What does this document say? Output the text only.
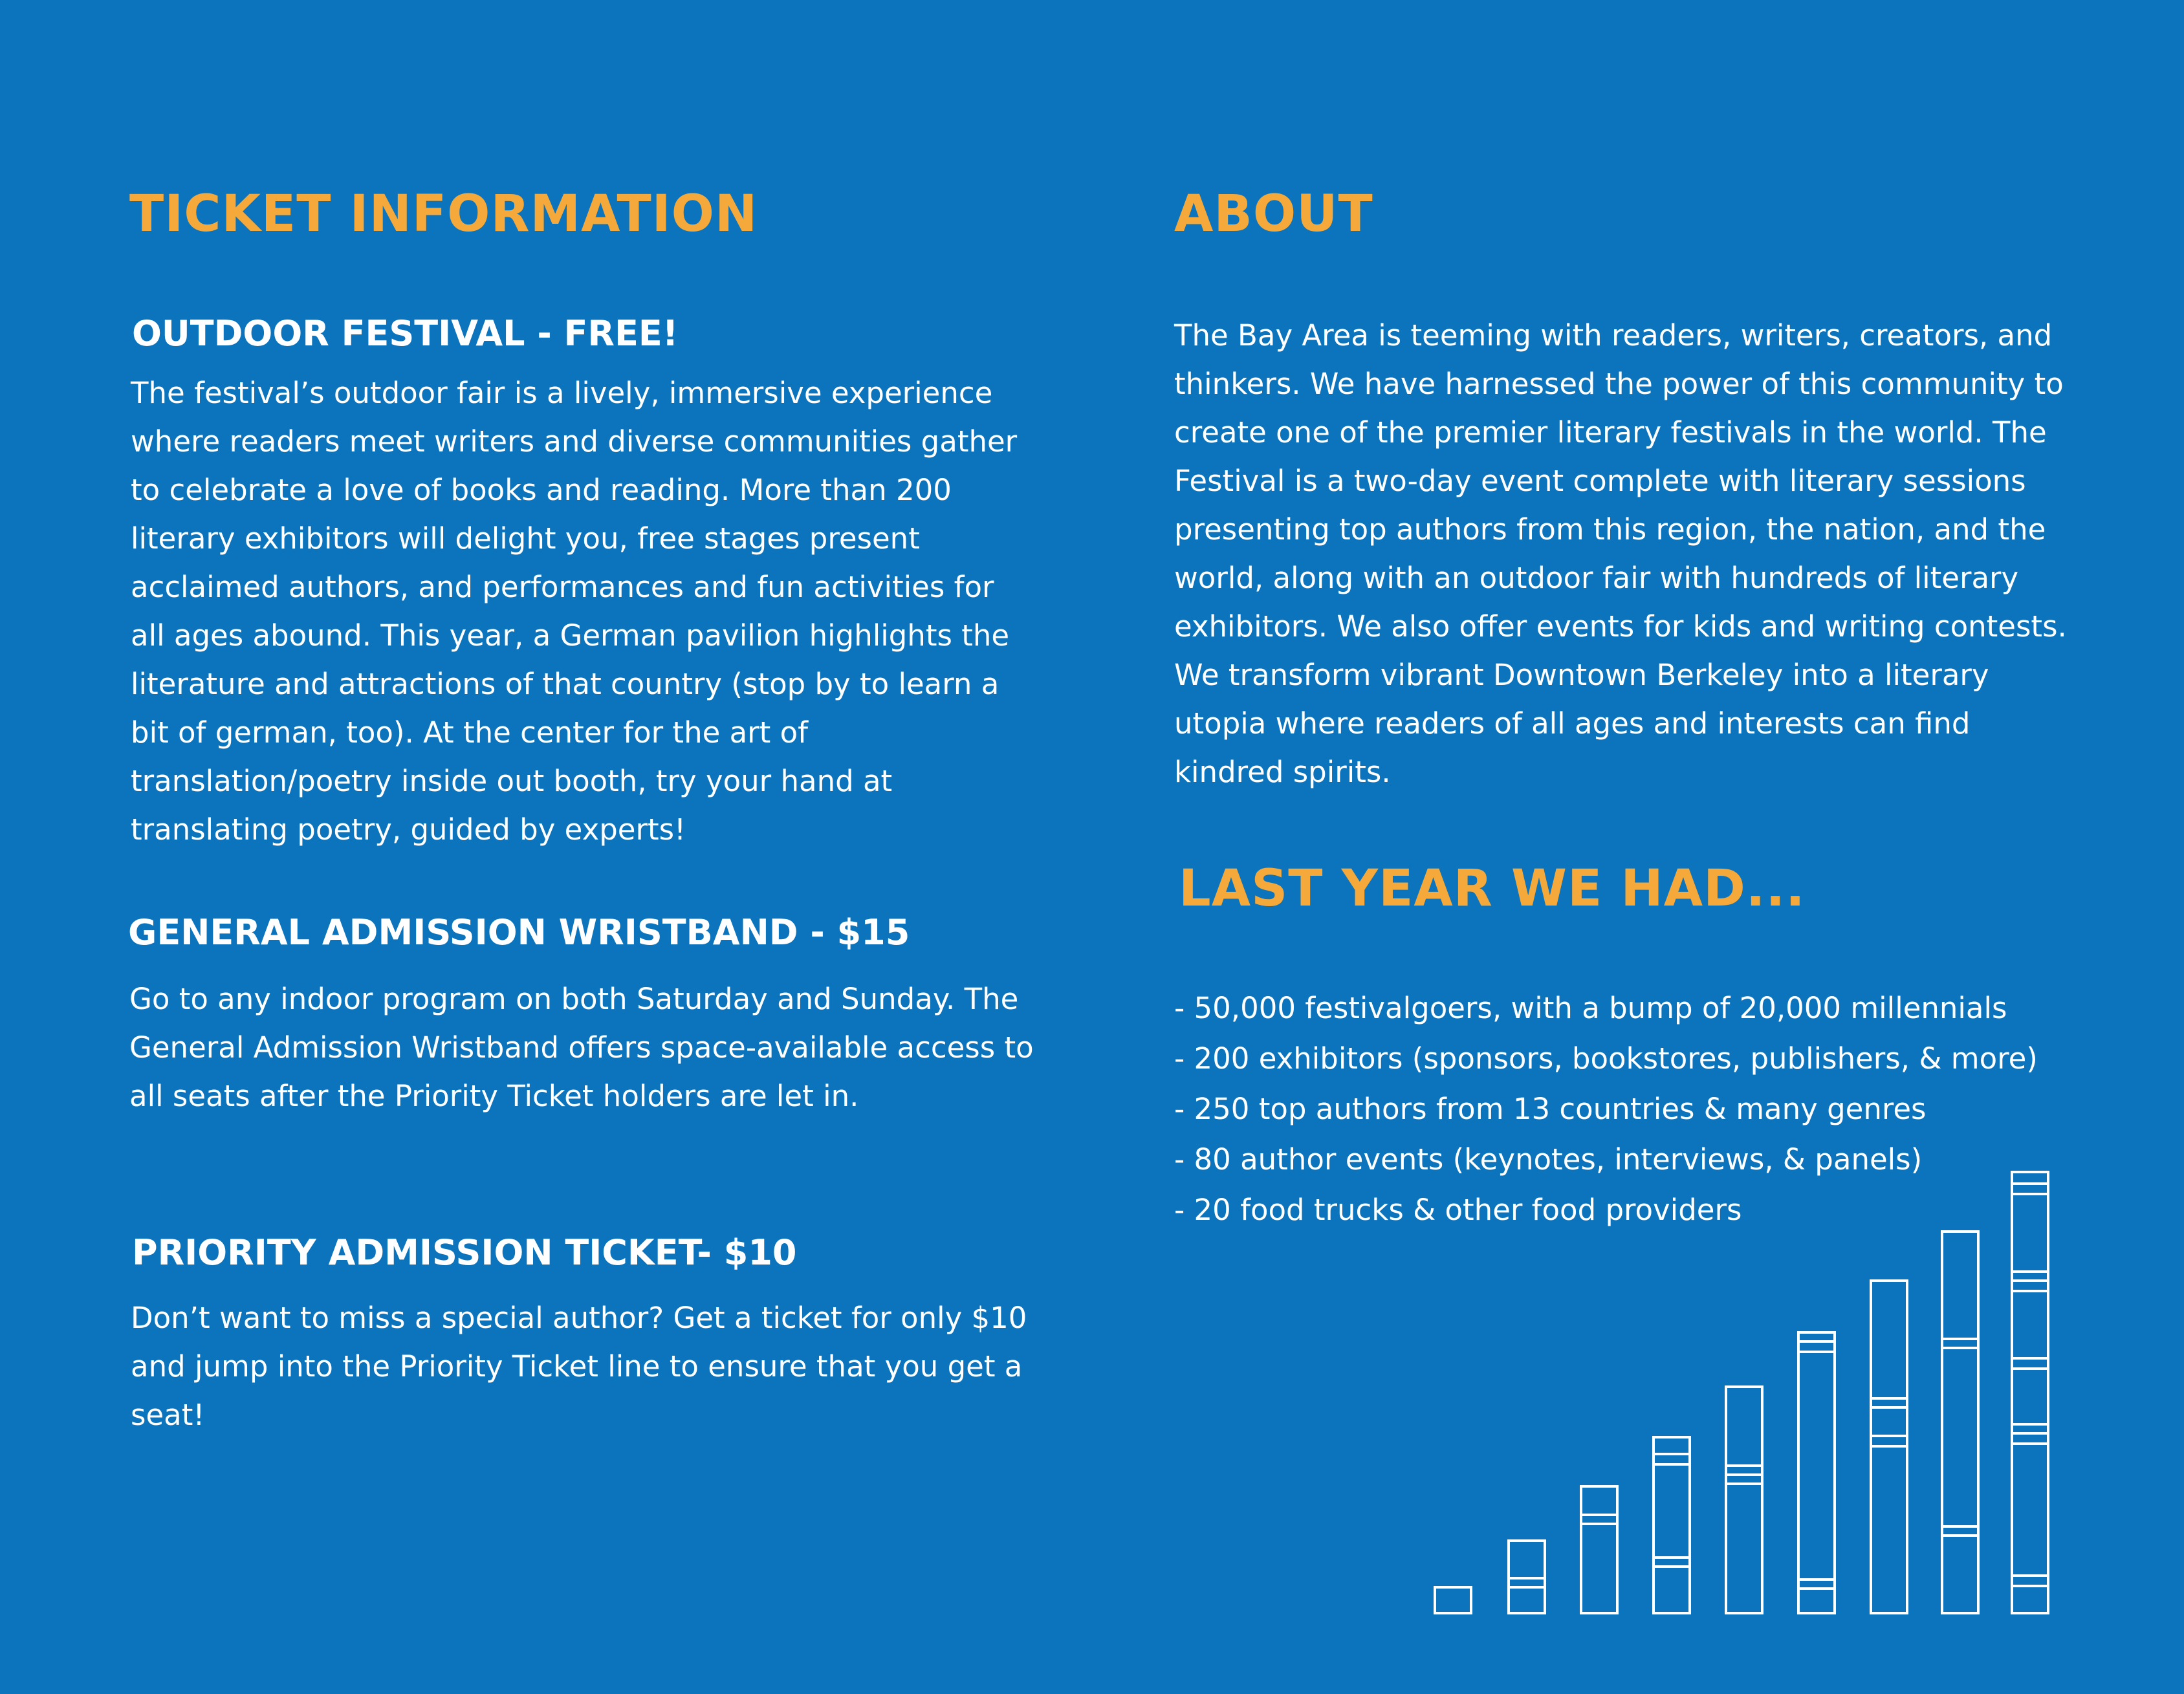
TICKET INFORMATION
OUTDOOR FESTIVAL - FREE!

The festival’s outdoor fair is a lively, immersive experience where readers meet writers and diverse communities gather to celebrate a love of books and reading. More than 200 literary exhibitors will delight you, free stages present acclaimed authors, and performances and fun activities for all ages abound. This year, a German pavilion highlights the literature and attractions of that country (stop by to learn a bit of german, too). At the center for the art of translation/poetry inside out booth, try your hand at translating poetry, guided by experts!

GENERAL ADMISSION WRISTBAND - $15

Go to any indoor program on both Saturday and Sunday. The General Admission Wristband offers space-available access to all seats after the Priority Ticket holders are let in.

PRIORITY ADMISSION TICKET- $10

Don’t want to miss a special author? Get a ticket for only $10 and jump into the Priority Ticket line to ensure that you get a seat!

ABOUT

The Bay Area is teeming with readers, writers, creators, and thinkers. We have harnessed the power of this community to create one of the premier literary festivals in the world. The Festival is a two-day event complete with literary sessions presenting top authors from this region, the nation, and the world, along with an outdoor fair with hundreds of literary exhibitors. We also offer events for kids and writing contests. We transform vibrant Downtown Berkeley into a literary utopia where readers of all ages and interests can find kindred spirits.

LAST YEAR WE HAD...
- 50,000 festivalgoers, with a bump of 20,000 millennials
- 200 exhibitors (sponsors, bookstores, publishers, & more)
- 250 top authors from 13 countries & many genres
- 80 author events (keynotes, interviews, & panels)
- 20 food trucks & other food providers
